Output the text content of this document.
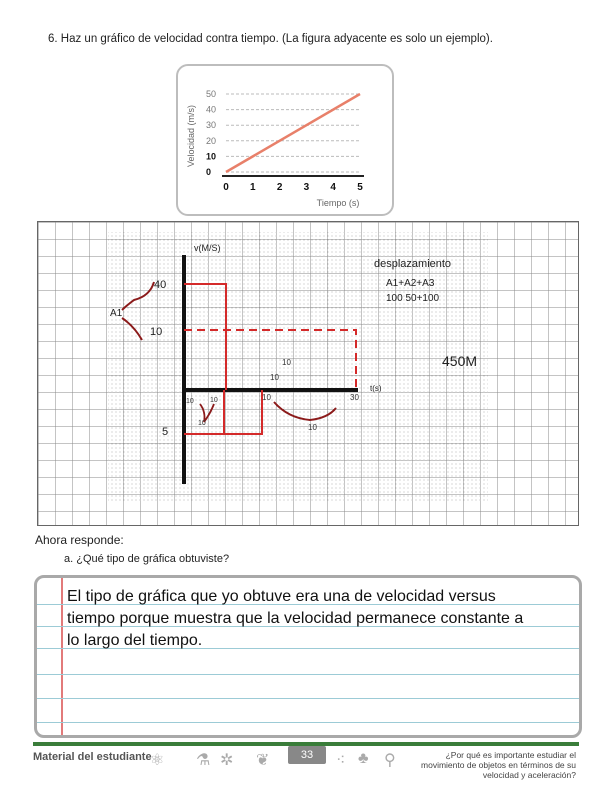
6. Haz un gráfico de velocidad contra tiempo. (La figura adyacente es solo un ejemplo).
50
40
30
20
10
0
0 1 2 3 4 5
Velocidad (m/s)
Tiempo (s)
v(M/S)
t(s)
40
10
5
A1
10
10
10 10
10
10	30
10
desplazamiento
A1+A2+A3
100 50+100
450M
Ahora responde:
a. ¿Qué tipo de gráfica obtuviste?
El tipo de gráfica que yo obtuve era una de velocidad versus tiempo porque muestra que la velocidad permanece constante a lo largo del tiempo.
Material del estudiante
⚛ ⚗ ✲ ❦	33	⁖ ♣ ⚲	¿Por qué es importante estudiar el movimiento de objetos en términos de su velocidad y aceleración?
